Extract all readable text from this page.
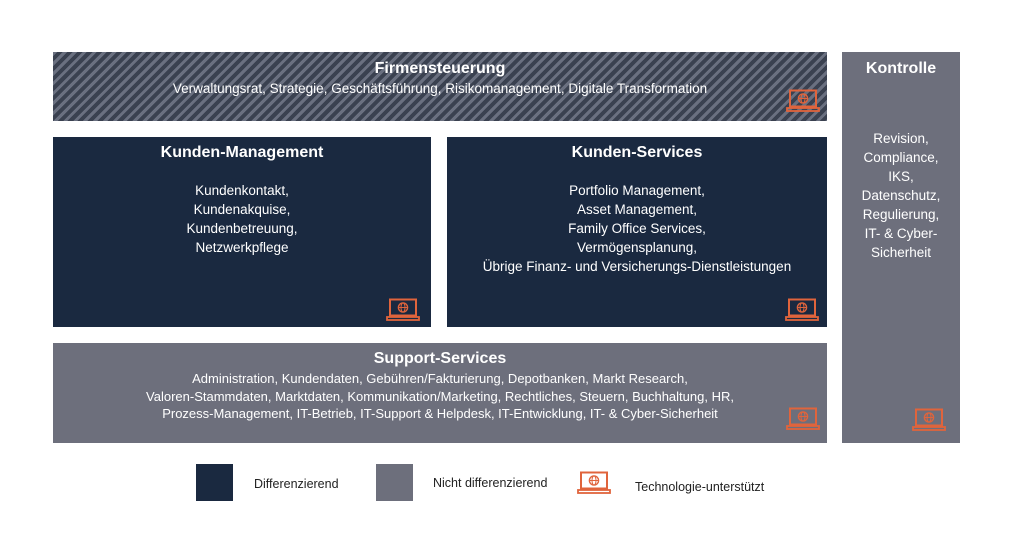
Firmensteuerung
Verwaltungsrat, Strategie, Geschäftsführung, Risikomanagement, Digitale Transformation
Kontrolle
Revision,
Compliance,
IKS,
Datenschutz,
Regulierung,
IT- & Cyber-
Sicherheit
Kunden-Management
Kundenkontakt,
Kundenakquise,
Kundenbetreuung,
Netzwerkpflege
Kunden-Services
Portfolio Management,
Asset Management,
Family Office Services,
Vermögensplanung,
Übrige Finanz- und Versicherungs-Dienstleistungen
Support-Services
Administration, Kundendaten, Gebühren/Fakturierung, Depotbanken, Markt Research,
Valoren-Stammdaten, Marktdaten, Kommunikation/Marketing, Rechtliches, Steuern, Buchhaltung, HR,
Prozess-Management, IT-Betrieb, IT-Support & Helpdesk, IT-Entwicklung, IT- & Cyber-Sicherheit
Differenzierend	Nicht differenzierend	Technologie-unterstützt
